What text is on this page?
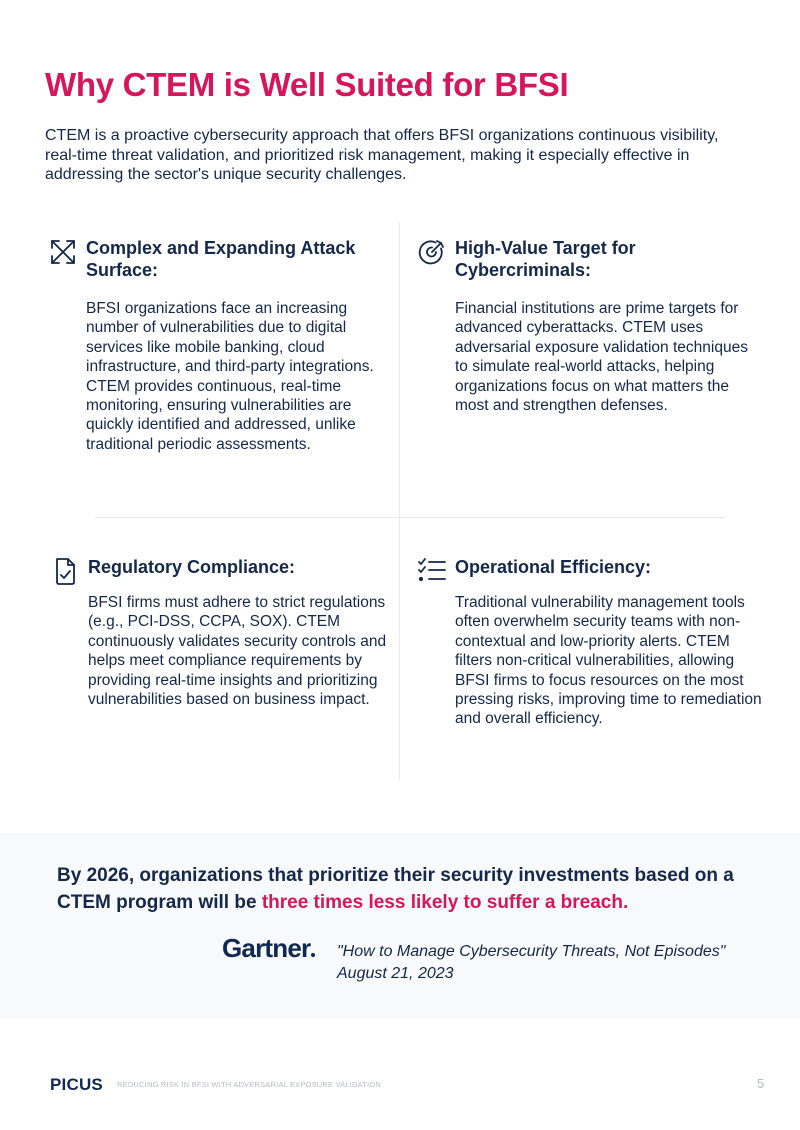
Why CTEM is Well Suited for BFSI

CTEM is a proactive cybersecurity approach that offers BFSI organizations continuous visibility, real-time threat validation, and prioritized risk management, making it especially effective in addressing the sector's unique security challenges.

Complex and Expanding Attack Surface:

BFSI organizations face an increasing number of vulnerabilities due to digital services like mobile banking, cloud infrastructure, and third-party integrations. CTEM provides continuous, real-time monitoring, ensuring vulnerabilities are quickly identified and addressed, unlike traditional periodic assessments.

High-Value Target for Cybercriminals:

Financial institutions are prime targets for advanced cyberattacks. CTEM uses adversarial exposure validation techniques to simulate real-world attacks, helping organizations focus on what matters the most and strengthen defenses.

Regulatory Compliance:

BFSI firms must adhere to strict regulations (e.g., PCI-DSS, CCPA, SOX). CTEM continuously validates security controls and helps meet compliance requirements by providing real-time insights and prioritizing vulnerabilities based on business impact.

Operational Efficiency:

Traditional vulnerability management tools often overwhelm security teams with non-contextual and low-priority alerts. CTEM filters non-critical vulnerabilities, allowing BFSI firms to focus resources on the most pressing risks, improving time to remediation and overall efficiency.

By 2026, organizations that prioritize their security investments based on a CTEM program will be three times less likely to suffer a breach.

Gartner	"How to Manage Cybersecurity Threats, Not Episodes"
August 21, 2023
PICUS REDUCING RISK IN BFSI WITH ADVERSARIAL EXPOSURE VALIDATION	5
